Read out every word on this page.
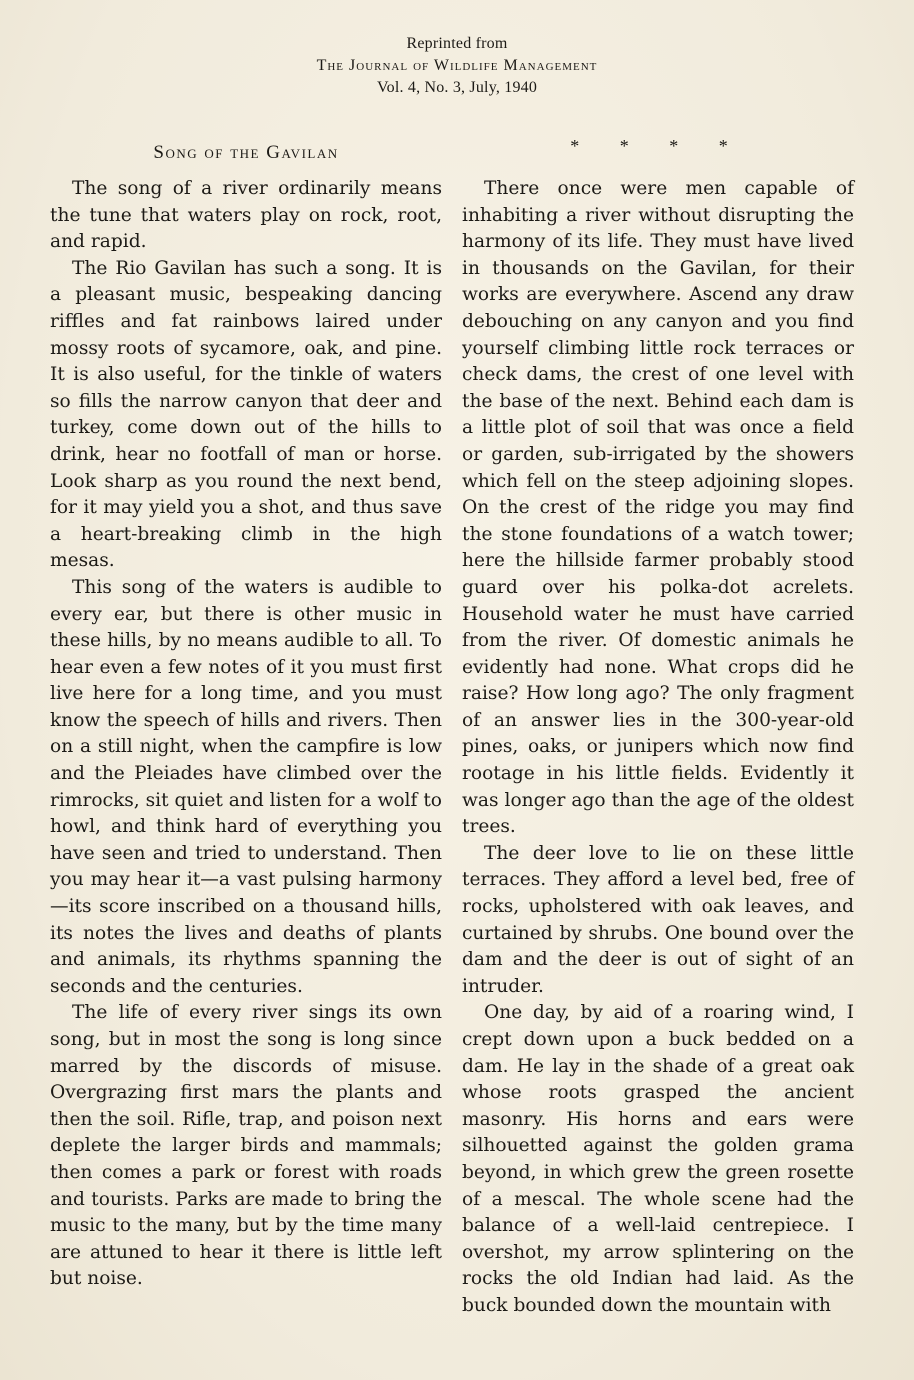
Reprinted from
The Journal of Wildlife Management
Vol. 4, No. 3, July, 1940
Song of the Gavilan	* * * *

The song of a river ordinarily means the tune that waters play on rock, root, and rapid.

The Rio Gavilan has such a song. It is a pleasant music, bespeaking dancing riffles and fat rainbows laired under mossy roots of sycamore, oak, and pine. It is also useful, for the tinkle of waters so fills the narrow canyon that deer and turkey, come down out of the hills to drink, hear no footfall of man or horse. Look sharp as you round the next bend, for it may yield you a shot, and thus save a heart-breaking climb in the high mesas.

This song of the waters is audible to every ear, but there is other music in these hills, by no means audible to all. To hear even a few notes of it you must first live here for a long time, and you must know the speech of hills and rivers. Then on a still night, when the campfire is low and the Pleiades have climbed over the rimrocks, sit quiet and listen for a wolf to howl, and think hard of everything you have seen and tried to understand. Then you may hear it—a vast pulsing harmony—its score inscribed on a thousand hills, its notes the lives and deaths of plants and animals, its rhythms spanning the seconds and the centuries.

The life of every river sings its own song, but in most the song is long since marred by the discords of misuse. Overgrazing first mars the plants and then the soil. Rifle, trap, and poison next deplete the larger birds and mammals; then comes a park or forest with roads and tourists. Parks are made to bring the music to the many, but by the time many are attuned to hear it there is little left but noise.

There once were men capable of inhabiting a river without disrupting the harmony of its life. They must have lived in thousands on the Gavilan, for their works are everywhere. Ascend any draw debouching on any canyon and you find yourself climbing little rock terraces or check dams, the crest of one level with the base of the next. Behind each dam is a little plot of soil that was once a field or garden, sub-irrigated by the showers which fell on the steep adjoining slopes. On the crest of the ridge you may find the stone foundations of a watch tower; here the hillside farmer probably stood guard over his polka-dot acrelets. Household water he must have carried from the river. Of domestic animals he evidently had none. What crops did he raise? How long ago? The only fragment of an answer lies in the 300-year-old pines, oaks, or junipers which now find rootage in his little fields. Evidently it was longer ago than the age of the oldest trees.

The deer love to lie on these little terraces. They afford a level bed, free of rocks, upholstered with oak leaves, and curtained by shrubs. One bound over the dam and the deer is out of sight of an intruder.

One day, by aid of a roaring wind, I crept down upon a buck bedded on a dam. He lay in the shade of a great oak whose roots grasped the ancient masonry. His horns and ears were silhouetted against the golden grama beyond, in which grew the green rosette of a mescal. The whole scene had the balance of a well-laid centrepiece. I overshot, my arrow splintering on the rocks the old Indian had laid. As the buck bounded down the mountain with
